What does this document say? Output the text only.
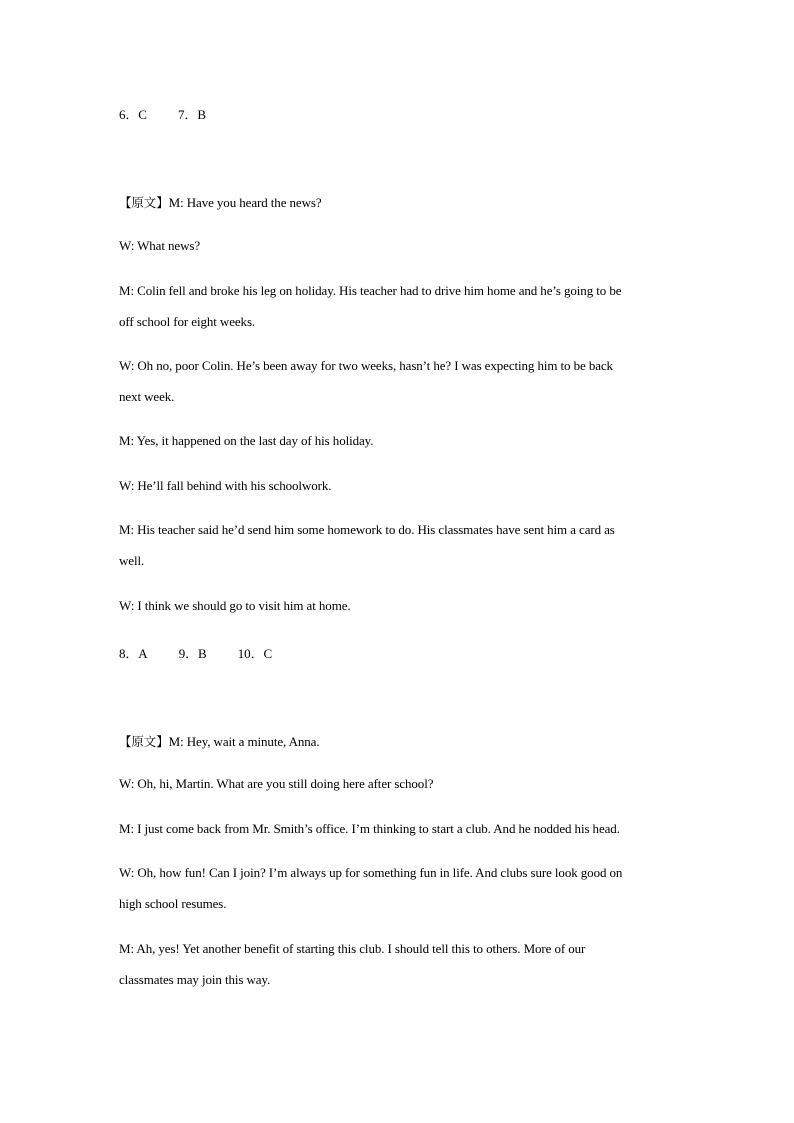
6．C 7．B
【原文】M: Have you heard the news?
W: What news?
M: Colin fell and broke his leg on holiday. His teacher had to drive him home and he’s going to be
off school for eight weeks.
W: Oh no, poor Colin. He’s been away for two weeks, hasn’t he? I was expecting him to be back
next week.
M: Yes, it happened on the last day of his holiday.
W: He’ll fall behind with his schoolwork.
M: His teacher said he’d send him some homework to do. His classmates have sent him a card as
well.
W: I think we should go to visit him at home.
8．A 9．B 10．C
【原文】M: Hey, wait a minute, Anna.
W: Oh, hi, Martin. What are you still doing here after school?
M: I just come back from Mr. Smith’s office. I’m thinking to start a club. And he nodded his head.
W: Oh, how fun! Can I join? I’m always up for something fun in life. And clubs sure look good on
high school resumes.
M: Ah, yes! Yet another benefit of starting this club. I should tell this to others. More of our
classmates may join this way.
